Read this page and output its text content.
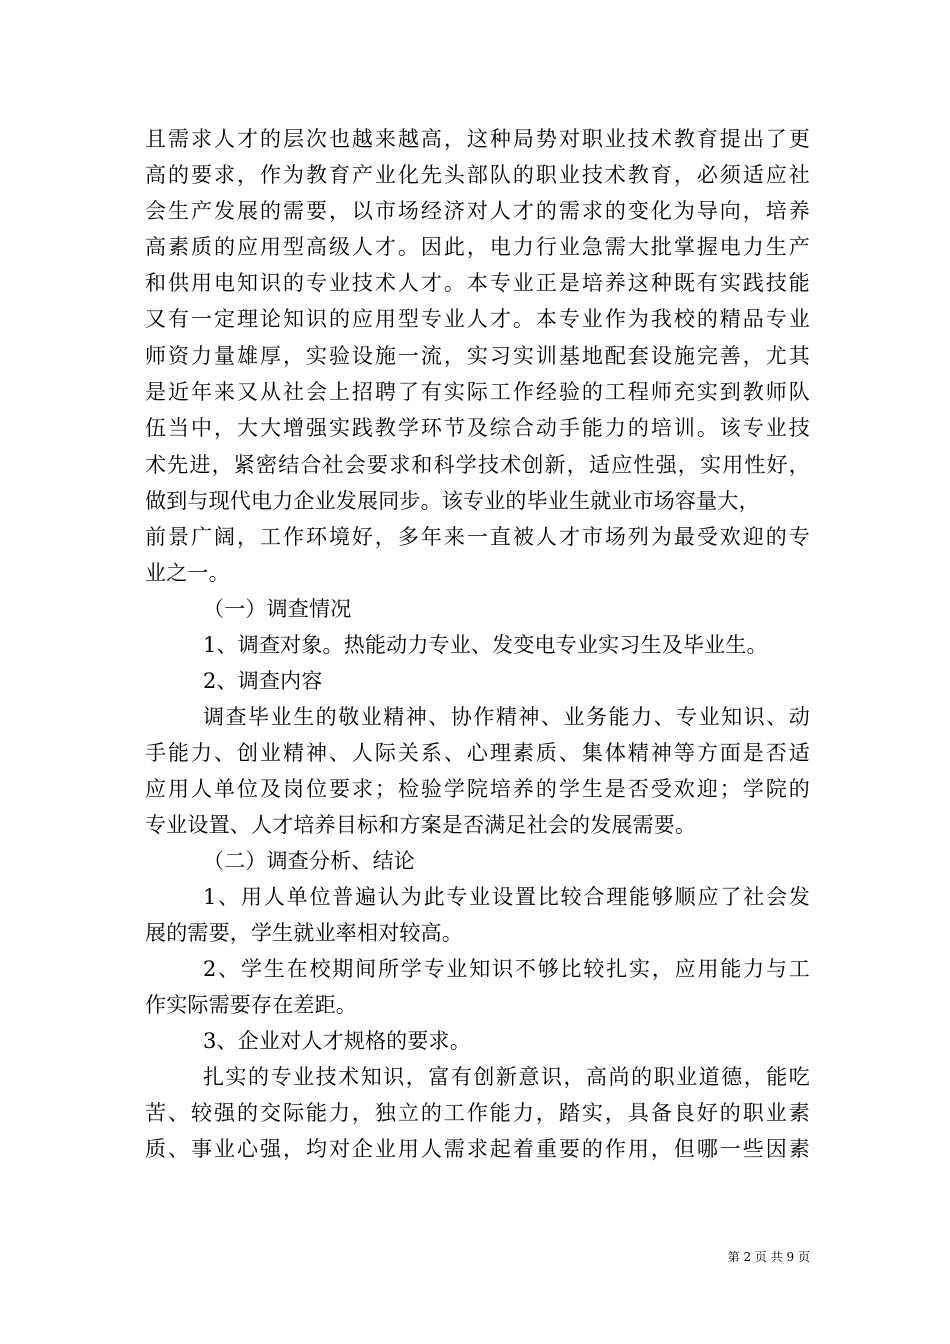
且需求人才的层次也越来越高，这种局势对职业技术教育提出了更
高的要求，作为教育产业化先头部队的职业技术教育，必须适应社
会生产发展的需要，以市场经济对人才的需求的变化为导向，培养
高素质的应用型高级人才。因此，电力行业急需大批掌握电力生产
和供用电知识的专业技术人才。本专业正是培养这种既有实践技能
又有一定理论知识的应用型专业人才。本专业作为我校的精品专业
师资力量雄厚，实验设施一流，实习实训基地配套设施完善，尤其
是近年来又从社会上招聘了有实际工作经验的工程师充实到教师队
伍当中，大大增强实践教学环节及综合动手能力的培训。该专业技
术先进，紧密结合社会要求和科学技术创新，适应性强，实用性好，
做到与现代电力企业发展同步。该专业的毕业生就业市场容量大，
前景广阔，工作环境好，多年来一直被人才市场列为最受欢迎的专
业之一。
（一）调查情况
1、调查对象。热能动力专业、发变电专业实习生及毕业生。
2、调查内容
调查毕业生的敬业精神、协作精神、业务能力、专业知识、动
手能力、创业精神、人际关系、心理素质、集体精神等方面是否适
应用人单位及岗位要求；检验学院培养的学生是否受欢迎；学院的
专业设置、人才培养目标和方案是否满足社会的发展需要。
（二）调查分析、结论
1、用人单位普遍认为此专业设置比较合理能够顺应了社会发
展的需要，学生就业率相对较高。
2、学生在校期间所学专业知识不够比较扎实，应用能力与工
作实际需要存在差距。
3、企业对人才规格的要求。
扎实的专业技术知识，富有创新意识，高尚的职业道德，能吃
苦、较强的交际能力，独立的工作能力，踏实，具备良好的职业素
质、事业心强，均对企业用人需求起着重要的作用，但哪一些因素
第 2 页 共 9 页
